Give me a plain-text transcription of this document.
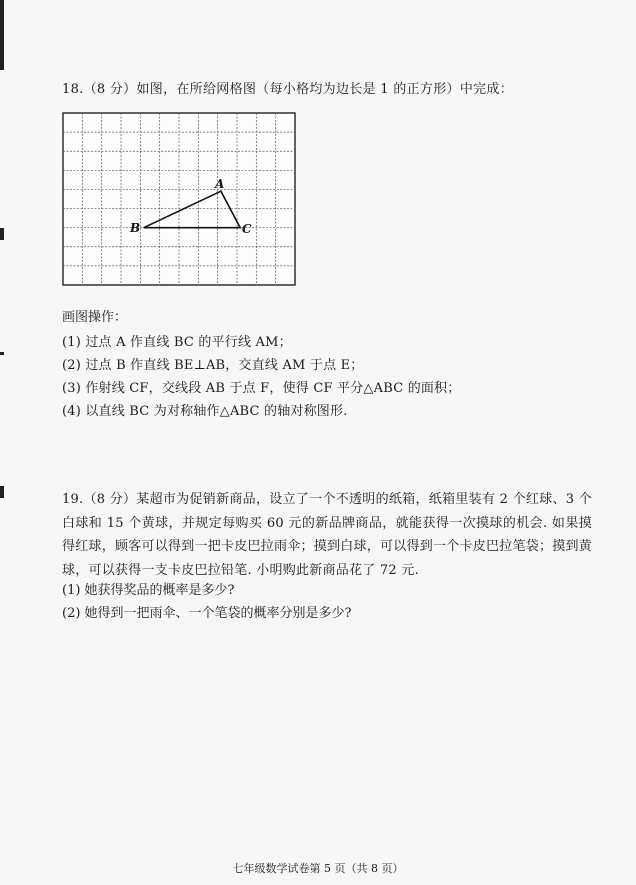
18.（8 分）如图，在所给网格图（每小格均为边长是 1 的正方形）中完成：
A
B	C
画图操作：
(1) 过点 A 作直线 BC 的平行线 AM；
(2) 过点 B 作直线 BE⊥AB，交直线 AM 于点 E；
(3) 作射线 CF，交线段 AB 于点 F，使得 CF 平分△ABC 的面积；
(4) 以直线 BC 为对称轴作△ABC 的轴对称图形.
19.（8 分）某超市为促销新商品，设立了一个不透明的纸箱，纸箱里装有 2 个红球、3 个白球和 15 个黄球，并规定每购买 60 元的新品牌商品，就能获得一次摸球的机会. 如果摸得红球，顾客可以得到一把卡皮巴拉雨伞；摸到白球，可以得到一个卡皮巴拉笔袋；摸到黄球，可以获得一支卡皮巴拉铅笔. 小明购此新商品花了 72 元.
(1) 她获得奖品的概率是多少?
(2) 她得到一把雨伞、一个笔袋的概率分别是多少?
七年级数学试卷第 5 页（共 8 页）
